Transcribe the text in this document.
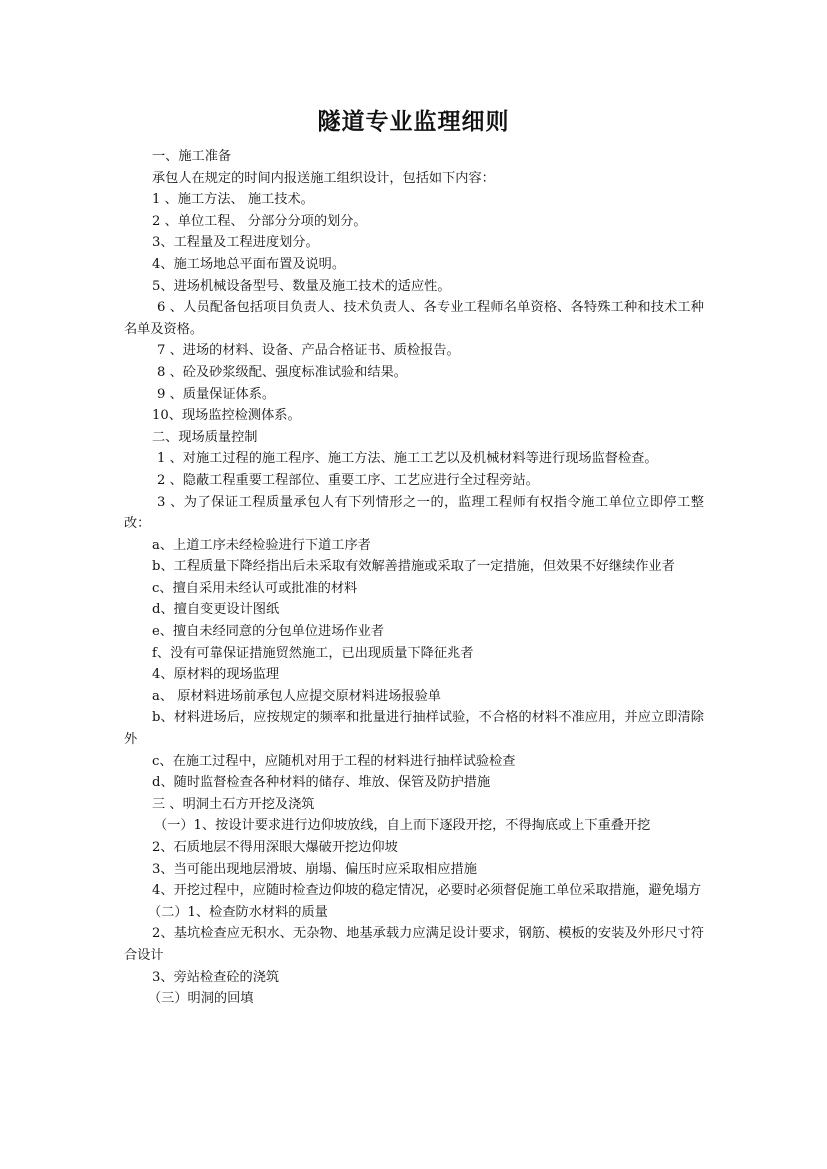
隧道专业监理细则

一、施工准备

承包人在规定的时间内报送施工组织设计，包括如下内容：

1 、施工方法、 施工技术。

2 、单位工程、 分部分分项的划分。

3、工程量及工程进度划分。

4、施工场地总平面布置及说明。

5、进场机械设备型号、数量及施工技术的适应性。

6 、人员配备包括项目负责人、技术负责人、各专业工程师名单资格、各特殊工种和技术工种名单及资格。

7 、进场的材料、设备、产品合格证书、质检报告。

8 、砼及砂浆级配、强度标准试验和结果。

9 、质量保证体系。

10、现场监控检测体系。

二、现场质量控制

1 、对施工过程的施工程序、施工方法、施工工艺以及机械材料等进行现场监督检查。

2 、隐蔽工程重要工程部位、重要工序、工艺应进行全过程旁站。

3 、为了保证工程质量承包人有下列情形之一的，监理工程师有权指令施工单位立即停工整改：

a、上道工序未经检验进行下道工序者

b、工程质量下降经指出后未采取有效解善措施或采取了一定措施，但效果不好继续作业者

c、擅自采用未经认可或批准的材料

d、擅自变更设计图纸

e、擅自未经同意的分包单位进场作业者

f、没有可靠保证措施贸然施工，已出现质量下降征兆者

4、原材料的现场监理

a、 原材料进场前承包人应提交原材料进场报验单

b、材料进场后，应按规定的频率和批量进行抽样试验，不合格的材料不准应用，并应立即清除外

c、在施工过程中，应随机对用于工程的材料进行抽样试验检查

d、随时监督检查各种材料的储存、堆放、保管及防护措施

三 、明洞土石方开挖及浇筑

（一）1、按设计要求进行边仰坡放线，自上而下逐段开挖，不得掏底或上下重叠开挖

2、石质地层不得用深眼大爆破开挖边仰坡

3、当可能出现地层滑坡、崩塌、偏压时应采取相应措施

4、开挖过程中，应随时检查边仰坡的稳定情况，必要时必须督促施工单位采取措施，避免塌方

（二）1、检查防水材料的质量

2、基坑检查应无积水、无杂物、地基承载力应满足设计要求，钢筋、模板的安装及外形尺寸符合设计

3、旁站检查砼的浇筑

（三）明洞的回填
